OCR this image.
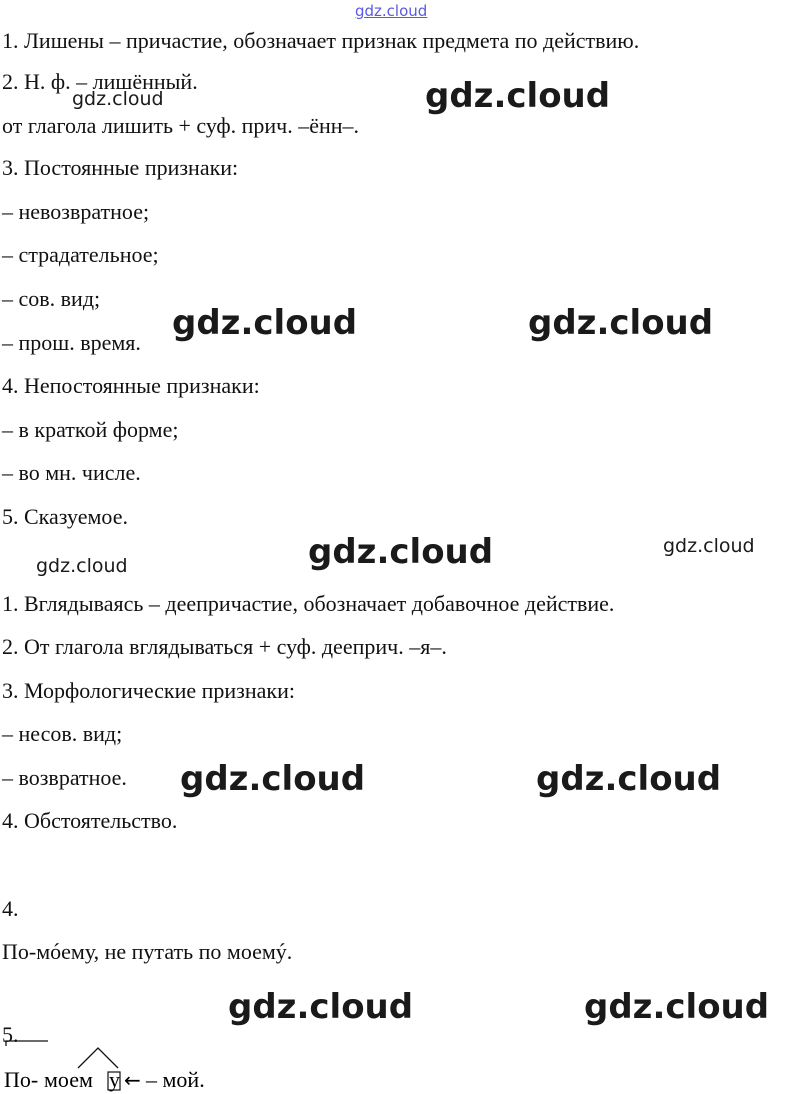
gdz.cloud
1. Лишены – причастие, обозначает признак предмета по действию.
2. Н. ф. – лишённый.
от глагола лишить + суф. прич. –ённ–.
3. Постоянные признаки:
– невозвратное;
– страдательное;
– сов. вид;
– прош. время.
4. Непостоянные признаки:
– в краткой форме;
– во мн. числе.
5. Сказуемое.
1. Вглядываясь – деепричастие, обозначает добавочное действие.
2. От глагола вглядываться + суф. дееприч. –я–.
3. Морфологические признаки:
– несов. вид;
– возвратное.
4. Обстоятельство.
4.
По-мóему, не путать по моемý.
5.
По- моем у ← – мой.
gdz.cloud	gdz.cloud
gdz.cloud	gdz.cloud
gdz.cloud	gdz.cloud	gdz.cloud
gdz.cloud	gdz.cloud
gdz.cloud	gdz.cloud
